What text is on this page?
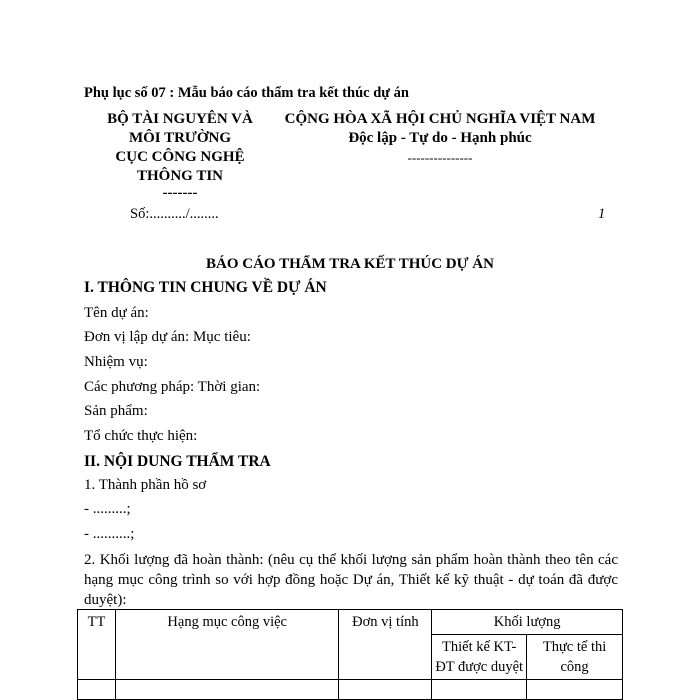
Phụ lục số 07 : Mẫu báo cáo thẩm tra kết thúc dự án
BỘ TÀI NGUYÊN VÀ
MÔI TRƯỜNG
CỤC CÔNG NGHỆ
THÔNG TIN
-------
CỘNG HÒA XÃ HỘI CHỦ NGHĨA VIỆT NAM
Độc lập - Tự do - Hạnh phúc
---------------
Số:........../........	1
BÁO CÁO THẨM TRA KẾT THÚC DỰ ÁN
I. THÔNG TIN CHUNG VỀ DỰ ÁN
Tên dự án:
Đơn vị lập dự án: Mục tiêu:
Nhiệm vụ:
Các phương pháp: Thời gian:
Sản phẩm:
Tổ chức thực hiện:
II. NỘI DUNG THẨM TRA
1. Thành phần hồ sơ
- .........;
- ..........;
2. Khối lượng đã hoàn thành: (nêu cụ thể khối lượng sản phẩm hoàn thành theo tên các hạng mục công trình so với hợp đồng hoặc Dự án, Thiết kế kỹ thuật - dự toán đã được duyệt):
TT	Hạng mục công việc	Đơn vị tính	Khối lượng	
			Thiết kế KT-ĐT được duyệt	Thực tế thi công
